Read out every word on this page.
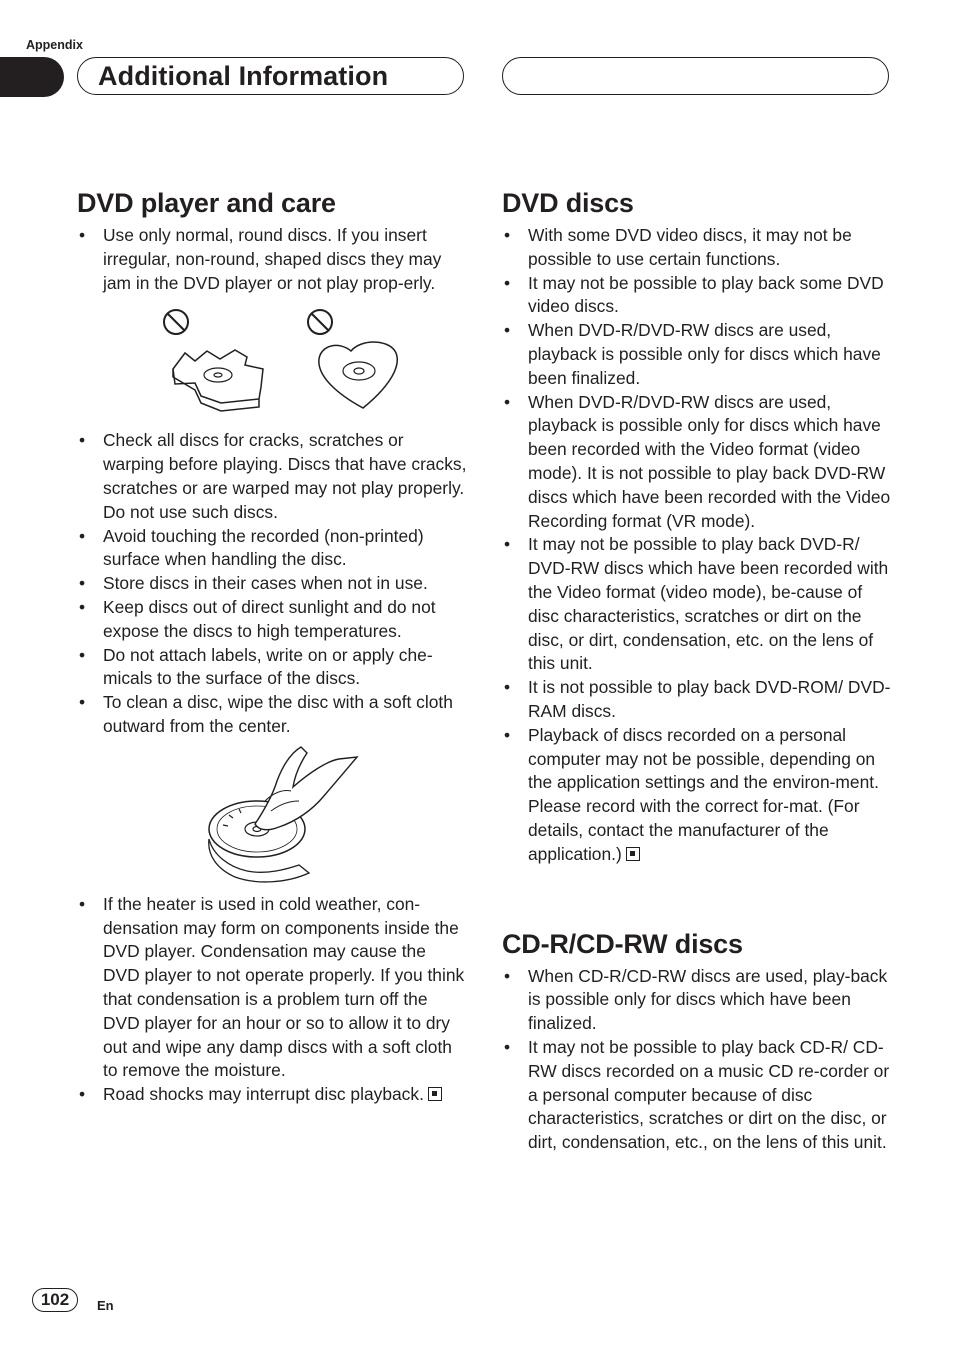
Appendix
Additional Information
DVD player and care
• Use only normal, round discs. If you insert irregular, non-round, shaped discs they may jam in the DVD player or not play prop-erly.
• Check all discs for cracks, scratches or warping before playing. Discs that have cracks, scratches or are warped may not play properly. Do not use such discs.
• Avoid touching the recorded (non-printed) surface when handling the disc.
• Store discs in their cases when not in use.
• Keep discs out of direct sunlight and do not expose the discs to high temperatures.
• Do not attach labels, write on or apply che-micals to the surface of the discs.
• To clean a disc, wipe the disc with a soft cloth outward from the center.
• If the heater is used in cold weather, con-densation may form on components inside the DVD player. Condensation may cause the DVD player to not operate properly. If you think that condensation is a problem turn off the DVD player for an hour or so to allow it to dry out and wipe any damp discs with a soft cloth to remove the moisture.
• Road shocks may interrupt disc playback.
DVD discs
• With some DVD video discs, it may not be possible to use certain functions.
• It may not be possible to play back some DVD video discs.
• When DVD-R/DVD-RW discs are used, playback is possible only for discs which have been finalized.
• When DVD-R/DVD-RW discs are used, playback is possible only for discs which have been recorded with the Video format (video mode). It is not possible to play back DVD-RW discs which have been recorded with the Video Recording format (VR mode).
• It may not be possible to play back DVD-R/ DVD-RW discs which have been recorded with the Video format (video mode), be-cause of disc characteristics, scratches or dirt on the disc, or dirt, condensation, etc. on the lens of this unit.
• It is not possible to play back DVD-ROM/ DVD-RAM discs.
• Playback of discs recorded on a personal computer may not be possible, depending on the application settings and the environ-ment. Please record with the correct for-mat. (For details, contact the manufacturer of the application.)
CD-R/CD-RW discs
• When CD-R/CD-RW discs are used, play-back is possible only for discs which have been finalized.
• It may not be possible to play back CD-R/ CD-RW discs recorded on a music CD re-corder or a personal computer because of disc characteristics, scratches or dirt on the disc, or dirt, condensation, etc., on the lens of this unit.
102	En
